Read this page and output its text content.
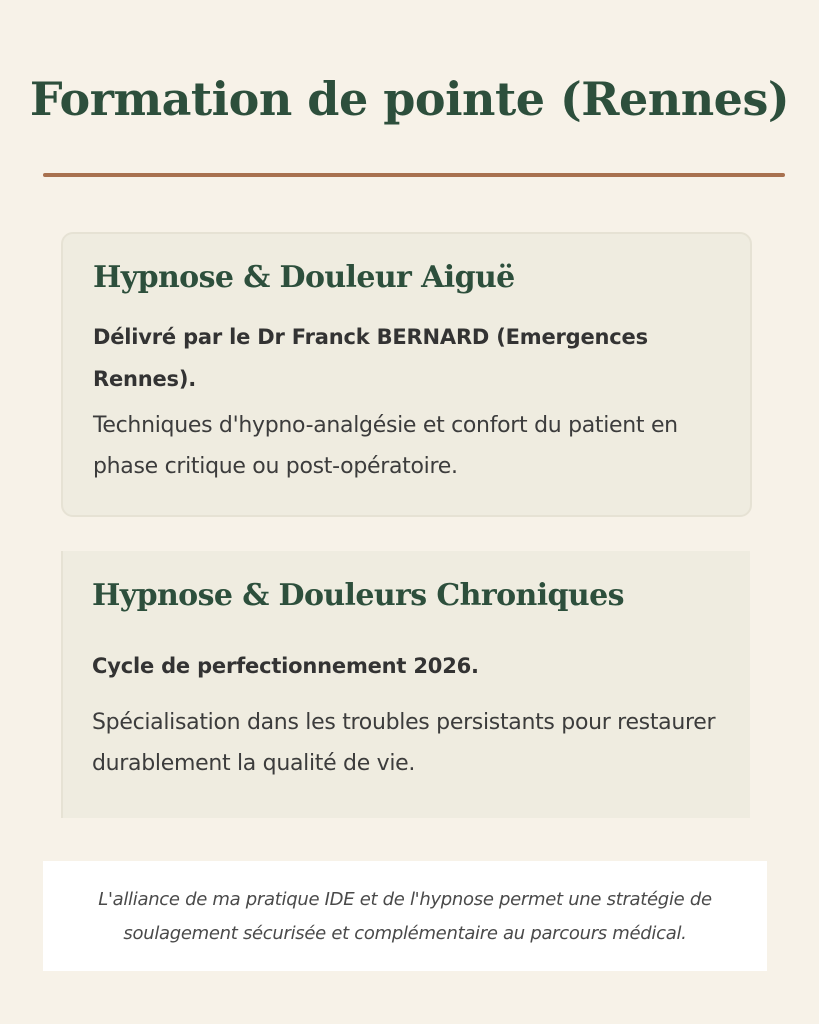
Formation de pointe (Rennes)
Hypnose & Douleur Aiguë

Délivré par le Dr Franck BERNARD (Emergences Rennes).

Techniques d'hypno-analgésie et confort du patient en phase critique ou post-opératoire.

Hypnose & Douleurs Chroniques

Cycle de perfectionnement 2026.

Spécialisation dans les troubles persistants pour restaurer durablement la qualité de vie.

L'alliance de ma pratique IDE et de l'hypnose permet une stratégie de soulagement sécurisée et complémentaire au parcours médical.
